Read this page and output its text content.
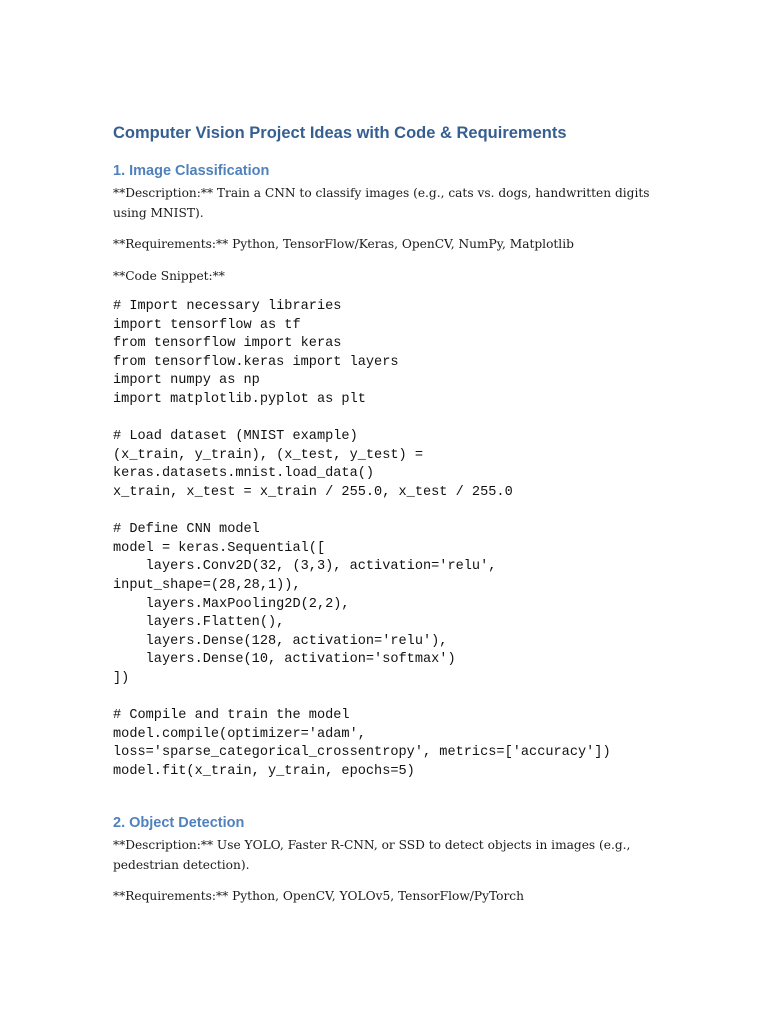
Computer Vision Project Ideas with Code & Requirements
1. Image Classification

**Description:** Train a CNN to classify images (e.g., cats vs. dogs, handwritten digits using MNIST).

**Requirements:** Python, TensorFlow/Keras, OpenCV, NumPy, Matplotlib

**Code Snippet:**

# Import necessary libraries
import tensorflow as tf
from tensorflow import keras
from tensorflow.keras import layers
import numpy as np
import matplotlib.pyplot as plt
# Load dataset (MNIST example)
(x_train, y_train), (x_test, y_test) =
keras.datasets.mnist.load_data()
x_train, x_test = x_train / 255.0, x_test / 255.0
# Define CNN model
model = keras.Sequential([
layers.Conv2D(32, (3,3), activation='relu',
input_shape=(28,28,1)),
layers.MaxPooling2D(2,2),
layers.Flatten(),
layers.Dense(128, activation='relu'),
layers.Dense(10, activation='softmax')
])
# Compile and train the model
model.compile(optimizer='adam',
loss='sparse_categorical_crossentropy', metrics=['accuracy'])
model.fit(x_train, y_train, epochs=5)
2. Object Detection

**Description:** Use YOLO, Faster R-CNN, or SSD to detect objects in images (e.g., pedestrian detection).

**Requirements:** Python, OpenCV, YOLOv5, TensorFlow/PyTorch
